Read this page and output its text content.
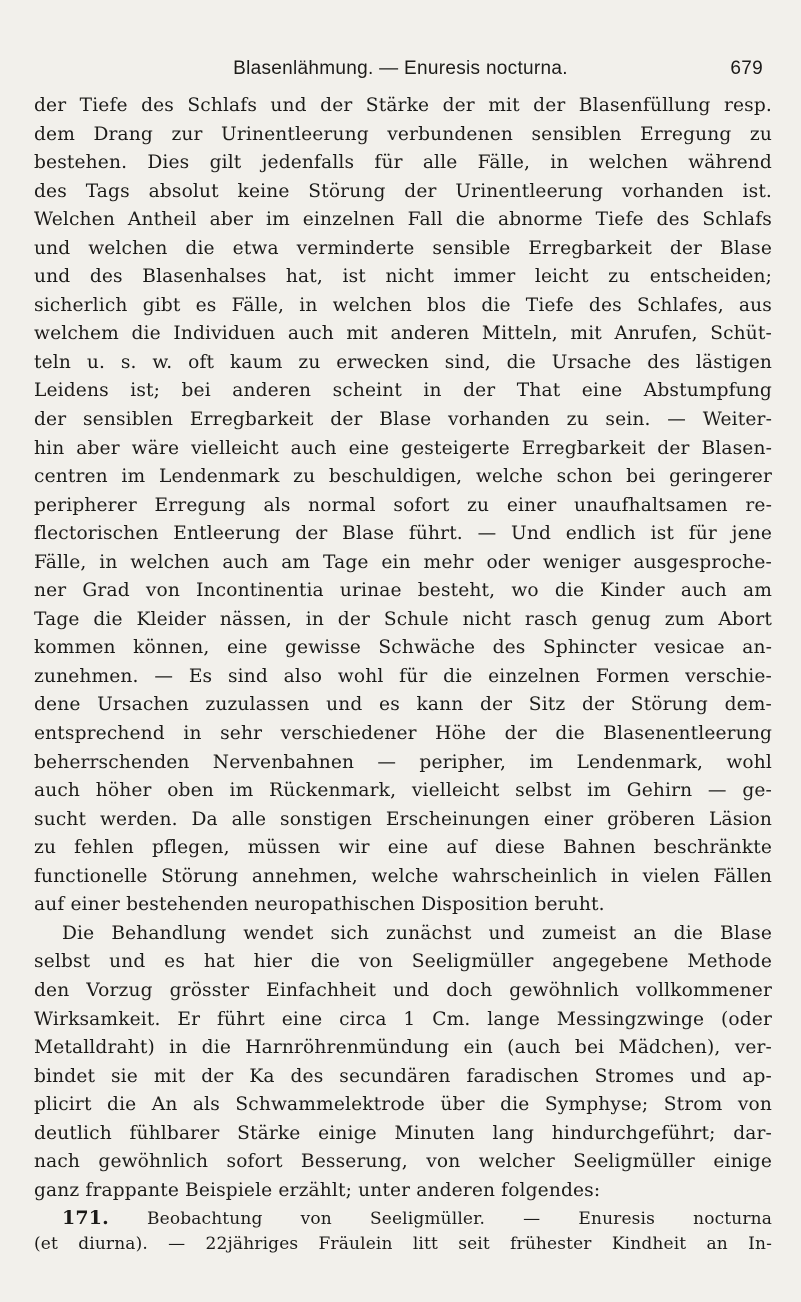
Blasenlähmung. — Enuresis nocturna.	679
der Tiefe des Schlafs und der Stärke der mit der Blasenfüllung resp.
dem Drang zur Urinentleerung verbundenen sensiblen Erregung zu
bestehen. Dies gilt jedenfalls für alle Fälle, in welchen während
des Tags absolut keine Störung der Urinentleerung vorhanden ist.
Welchen Antheil aber im einzelnen Fall die abnorme Tiefe des Schlafs
und welchen die etwa verminderte sensible Erregbarkeit der Blase
und des Blasenhalses hat, ist nicht immer leicht zu entscheiden;
sicherlich gibt es Fälle, in welchen blos die Tiefe des Schlafes, aus
welchem die Individuen auch mit anderen Mitteln, mit Anrufen, Schüt-
teln u. s. w. oft kaum zu erwecken sind, die Ursache des lästigen
Leidens ist; bei anderen scheint in der That eine Abstumpfung
der sensiblen Erregbarkeit der Blase vorhanden zu sein. — Weiter-
hin aber wäre vielleicht auch eine gesteigerte Erregbarkeit der Blasen-
centren im Lendenmark zu beschuldigen, welche schon bei geringerer
peripherer Erregung als normal sofort zu einer unaufhaltsamen re-
flectorischen Entleerung der Blase führt. — Und endlich ist für jene
Fälle, in welchen auch am Tage ein mehr oder weniger ausgesproche-
ner Grad von Incontinentia urinae besteht, wo die Kinder auch am
Tage die Kleider nässen, in der Schule nicht rasch genug zum Abort
kommen können, eine gewisse Schwäche des Sphincter vesicae an-
zunehmen. — Es sind also wohl für die einzelnen Formen verschie-
dene Ursachen zuzulassen und es kann der Sitz der Störung dem-
entsprechend in sehr verschiedener Höhe der die Blasenentleerung
beherrschenden Nervenbahnen — peripher, im Lendenmark, wohl
auch höher oben im Rückenmark, vielleicht selbst im Gehirn — ge-
sucht werden. Da alle sonstigen Erscheinungen einer gröberen Läsion
zu fehlen pflegen, müssen wir eine auf diese Bahnen beschränkte
functionelle Störung annehmen, welche wahrscheinlich in vielen Fällen
auf einer bestehenden neuropathischen Disposition beruht.
Die Behandlung wendet sich zunächst und zumeist an die Blase
selbst und es hat hier die von Seeligmüller angegebene Methode
den Vorzug grösster Einfachheit und doch gewöhnlich vollkommener
Wirksamkeit. Er führt eine circa 1 Cm. lange Messingzwinge (oder
Metalldraht) in die Harnröhrenmündung ein (auch bei Mädchen), ver-
bindet sie mit der Ka des secundären faradischen Stromes und ap-
plicirt die An als Schwammelektrode über die Symphyse; Strom von
deutlich fühlbarer Stärke einige Minuten lang hindurchgeführt; dar-
nach gewöhnlich sofort Besserung, von welcher Seeligmüller einige
ganz frappante Beispiele erzählt; unter anderen folgendes:
171. Beobachtung von Seeligmüller. — Enuresis nocturna
(et diurna). — 22jähriges Fräulein litt seit frühester Kindheit an In-
